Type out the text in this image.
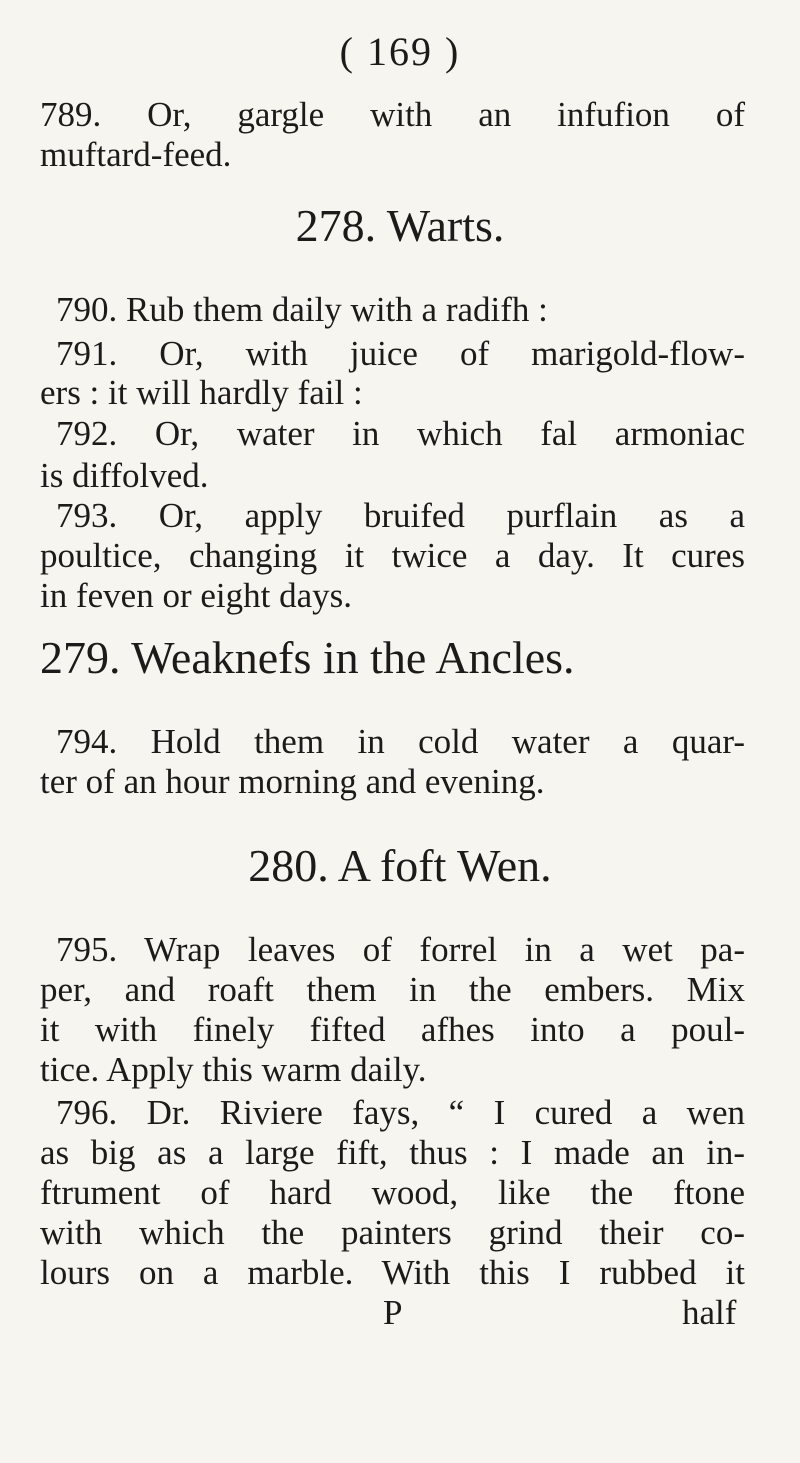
( 169 )
789. Or, gargle with an infufion of
muftard-feed.
278. Warts.
790. Rub them daily with a radifh :
791. Or, with juice of marigold-flow-
ers : it will hardly fail :
792. Or, water in which fal armoniac
is diffolved.
793. Or, apply bruifed purflain as a
poultice, changing it twice a day. It cures
in feven or eight days.
279. Weaknefs in the Ancles.
794. Hold them in cold water a quar-
ter of an hour morning and evening.
280. A foft Wen.
795. Wrap leaves of forrel in a wet pa-
per, and roaft them in the embers. Mix
it with finely fifted afhes into a poul-
tice. Apply this warm daily.
796. Dr. Riviere fays, “ I cured a wen
as big as a large fift, thus : I made an in-
ftrument of hard wood, like the ftone
with which the painters grind their co-
lours on a marble. With this I rubbed it
P	half
